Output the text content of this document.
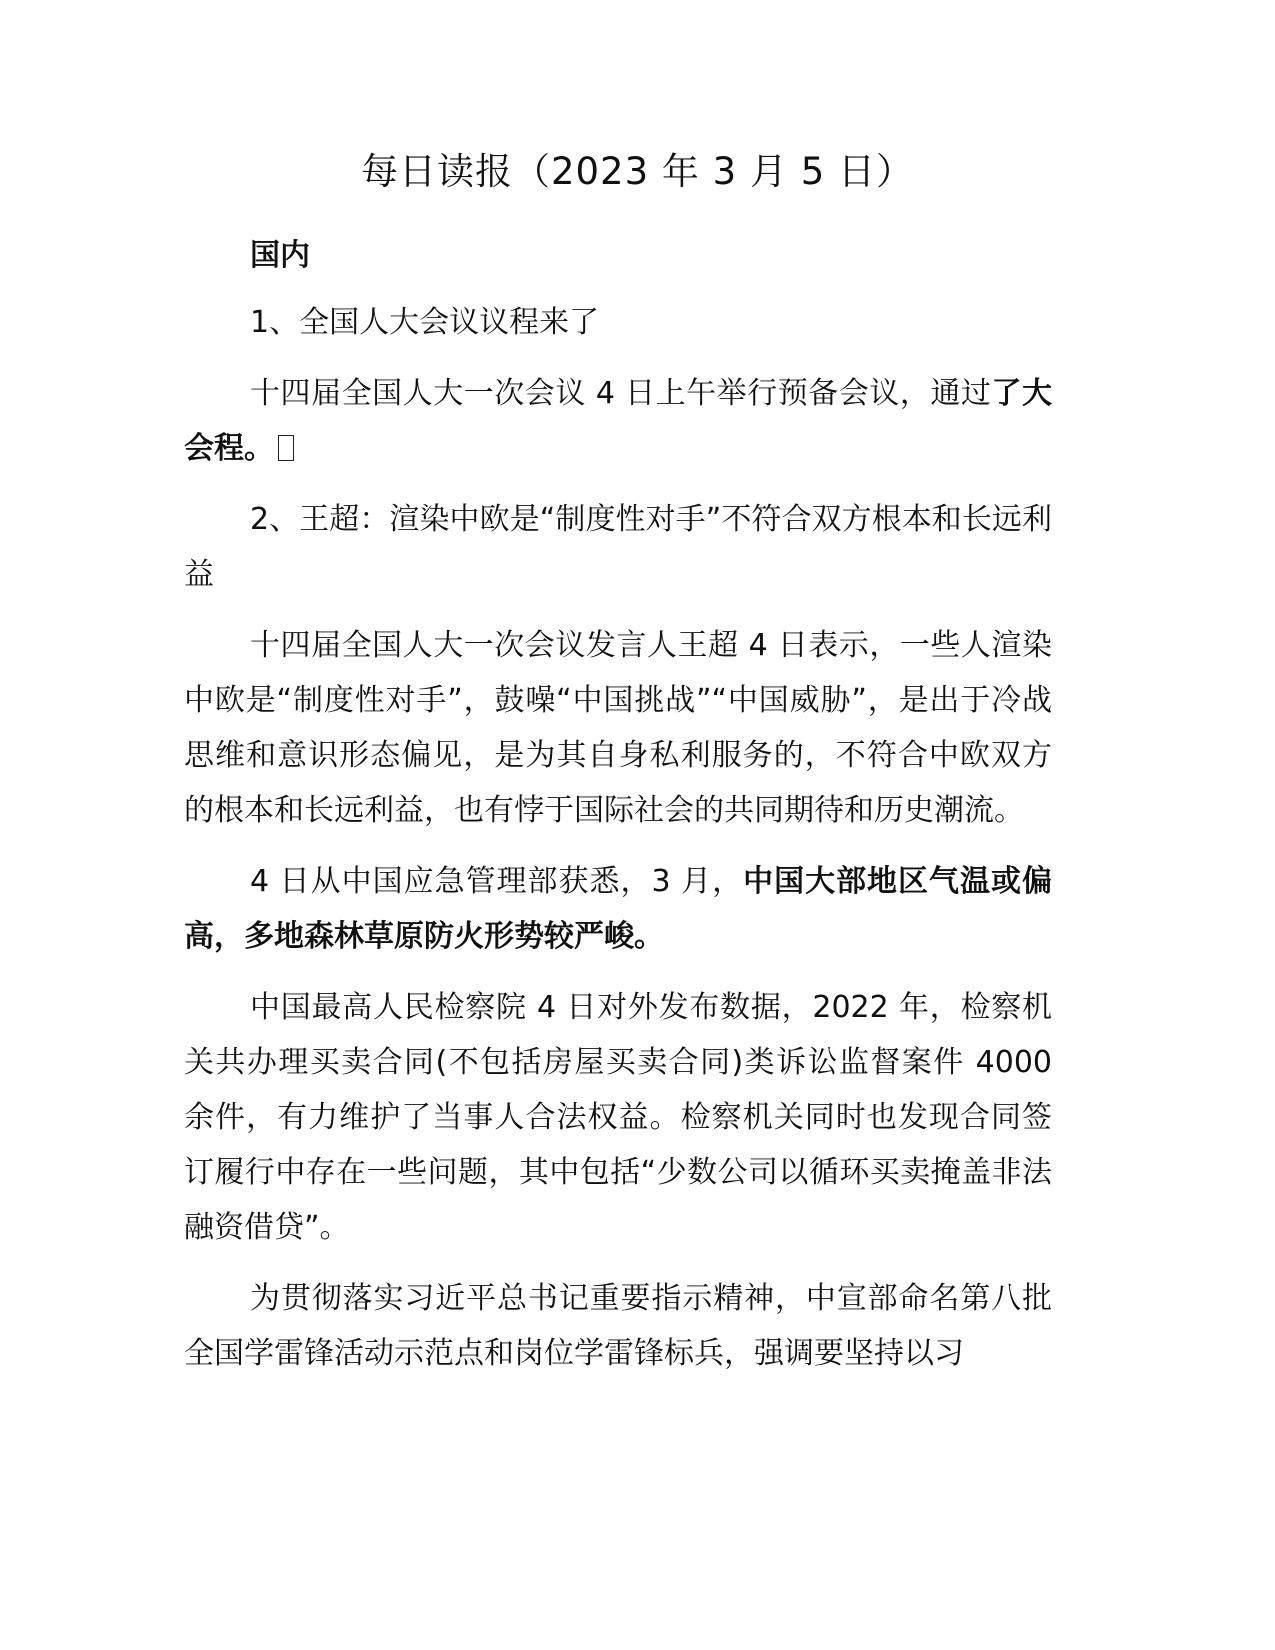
每日读报（2023 年 3 月 5 日）

国内

1、全国人大会议议程来了

十四届全国人大一次会议 4 日上午举行预备会议，通过了大会程。

2、王超：渲染中欧是“制度性对手”不符合双方根本和长远利益

十四届全国人大一次会议发言人王超 4 日表示，一些人渲染中欧是“制度性对手”，鼓噪“中国挑战”“中国威胁”，是出于冷战思维和意识形态偏见，是为其自身私利服务的，不符合中欧双方的根本和长远利益，也有悖于国际社会的共同期待和历史潮流。

4 日从中国应急管理部获悉，3 月，中国大部地区气温或偏高，多地森林草原防火形势较严峻。

中国最高人民检察院 4 日对外发布数据，2022 年，检察机关共办理买卖合同(不包括房屋买卖合同)类诉讼监督案件 4000 余件，有力维护了当事人合法权益。检察机关同时也发现合同签订履行中存在一些问题，其中包括“少数公司以循环买卖掩盖非法融资借贷”。

为贯彻落实习近平总书记重要指示精神，中宣部命名第八批全国学雷锋活动示范点和岗位学雷锋标兵，强调要坚持以习
